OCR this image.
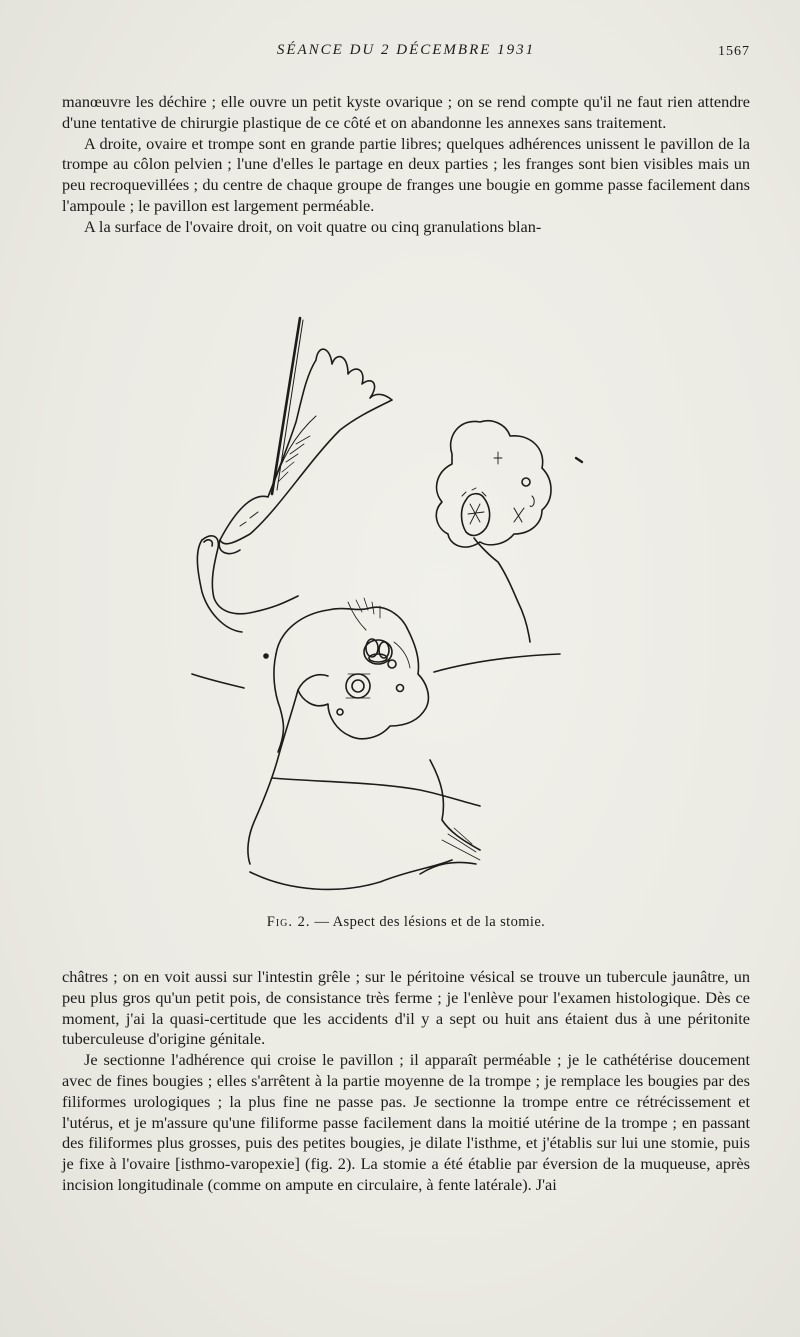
SÉANCE DU 2 DÉCEMBRE 1931	1567

manœuvre les déchire ; elle ouvre un petit kyste ovarique ; on se rend compte qu'il ne faut rien attendre d'une tentative de chirurgie plastique de ce côté et on abandonne les annexes sans traitement.

A droite, ovaire et trompe sont en grande partie libres; quelques adhérences unissent le pavillon de la trompe au côlon pelvien ; l'une d'elles le partage en deux parties ; les franges sont bien visibles mais un peu recroquevillées ; du centre de chaque groupe de franges une bougie en gomme passe facilement dans l'ampoule ; le pavillon est largement perméable.

A la surface de l'ovaire droit, on voit quatre ou cinq granulations blan-

Fig. 2. — Aspect des lésions et de la stomie.

châtres ; on en voit aussi sur l'intestin grêle ; sur le péritoine vésical se trouve un tubercule jaunâtre, un peu plus gros qu'un petit pois, de consistance très ferme ; je l'enlève pour l'examen histologique. Dès ce moment, j'ai la quasi-certitude que les accidents d'il y a sept ou huit ans étaient dus à une péritonite tuberculeuse d'origine génitale.

Je sectionne l'adhérence qui croise le pavillon ; il apparaît perméable ; je le cathétérise doucement avec de fines bougies ; elles s'arrêtent à la partie moyenne de la trompe ; je remplace les bougies par des filiformes urologiques ; la plus fine ne passe pas. Je sectionne la trompe entre ce rétrécissement et l'utérus, et je m'assure qu'une filiforme passe facilement dans la moitié utérine de la trompe ; en passant des filiformes plus grosses, puis des petites bougies, je dilate l'isthme, et j'établis sur lui une stomie, puis je fixe à l'ovaire [isthmo-varopexie] (fig. 2). La stomie a été établie par éversion de la muqueuse, après incision longitudinale (comme on ampute en circulaire, à fente latérale). J'ai
